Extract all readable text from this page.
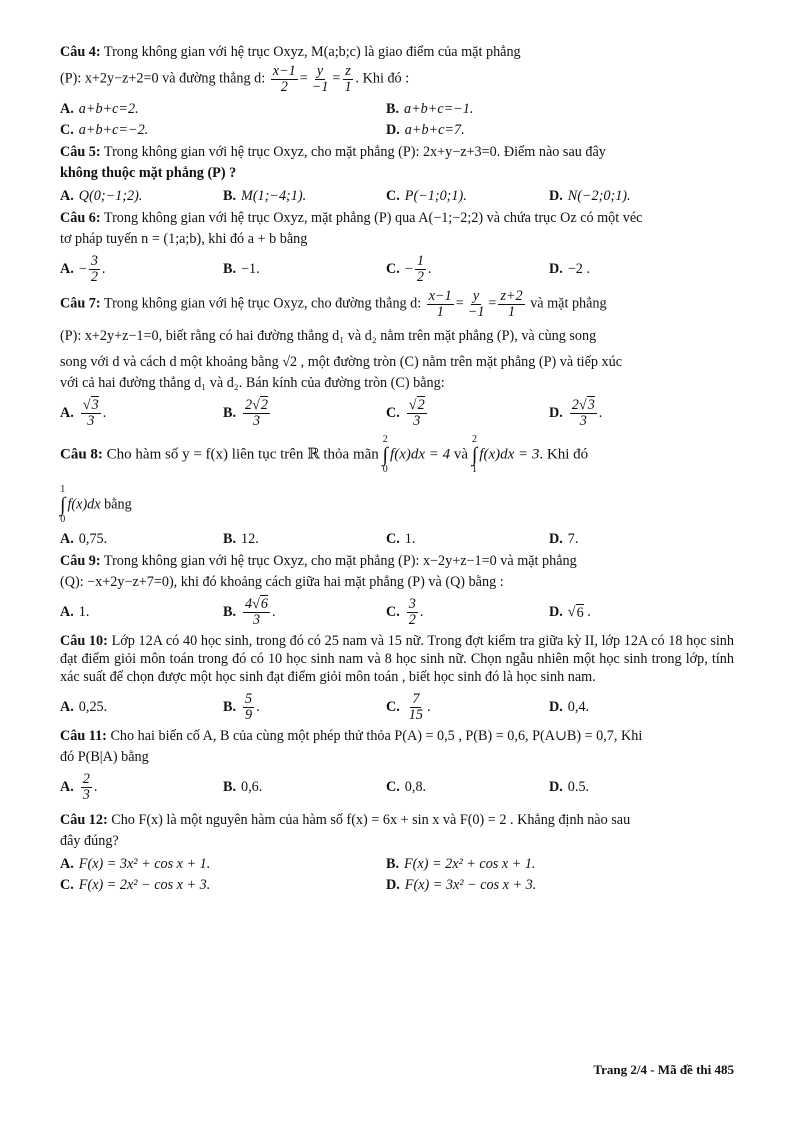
Câu 4: Trong không gian với hệ trục Oxyz, M(a;b;c) là giao điểm của mặt phẳng
(P): x+2y−z+2=0 và đường thẳng d: $\frac{x-1}{2} = \frac{y}{-1} = \frac{z}{1}$ . Khi đó :
A. a+b+c=2.	B. a+b+c=−1.
C. a+b+c=−2.	D. a+b+c=7.
Câu 5: Trong không gian với hệ trục Oxyz, cho mặt phẳng (P): 2x+y−z+3=0. Điểm nào sau đây
không thuộc mặt phẳng (P) ?
A. Q(0;−1;2).	B. M(1;−4;1).	C. P(−1;0;1).	D. N(−2;0;1).
Câu 6: Trong không gian với hệ trục Oxyz, mặt phẳng (P) qua A(−1;−2;2) và chứa trục Oz có một véc
tơ pháp tuyến n = (1;a;b), khi đó a + b bằng
A. − $\frac{3}{2}$ .	B. −1.	C. − $\frac{1}{2}$ .	D. −2 .
Câu 7: Trong không gian với hệ trục Oxyz, cho đường thẳng d: $\frac{x-1}{1} = \frac{y}{-1} = \frac{z+2}{1}$ và mặt phẳng
(P): x+2y+z−1=0, biết rằng có hai đường thẳng d₁ và d₂ nằm trên mặt phẳng (P), và cùng song
song với d và cách d một khoảng bằng √2 , một đường tròn (C) nằm trên mặt phẳng (P) và tiếp xúc
với cả hai đường thẳng d₁ và d₂. Bán kính của đường tròn (C) bằng:
A. $\frac{√3}{3}$ .	B. $\frac{2√2}{3}$	C. $\frac{√2}{3}$	D. $\frac{2√3}{3}$ .
Câu 8: Cho hàm số y = f(x) liên tục trên ℝ thỏa mãn
2
∫
0
f(x)dx = 4 và
2
∫
1
f(x)dx = 3. Khi đó
1
∫
0
f(x)dx bằng
A. 0,75.	B. 12.	C. 1.	D. 7.
Câu 9: Trong không gian với hệ trục Oxyz, cho mặt phẳng (P): x−2y+z−1=0 và mặt phẳng
(Q): −x+2y−z+7=0), khi đó khoảng cách giữa hai mặt phẳng (P) và (Q) bằng :
A. 1.	B. $\frac{4√6}{3}$ .	C. $\frac{3}{2}$ .	D. √ 6 .
Câu 10: Lớp 12A có 40 học sinh, trong đó có 25 nam và 15 nữ. Trong đợt kiểm tra giữa kỳ II, lớp 12A có 18 học sinh đạt điểm giỏi môn toán trong đó có 10 học sinh nam và 8 học sinh nữ. Chọn ngẫu nhiên một học sinh trong lớp, tính xác suất để chọn được một học sinh đạt điểm giỏi môn toán , biết học sinh đó là học sinh nam.
A. 0,25.	B. $\frac{5}{9}$ .	C. $\frac{7}{15}$ .	D. 0,4.
Câu 11: Cho hai biến cố A, B của cùng một phép thử thỏa P(A) = 0,5 , P(B) = 0,6, P(A∪B) = 0,7, Khi
đó P(B|A) bằng
A. $\frac{2}{3}$ .	B. 0,6.	C. 0,8.	D. 0.5.
Câu 12: Cho F(x) là một nguyên hàm của hàm số f(x) = 6x + sin x và F(0) = 2 . Khẳng định nào sau
đây đúng?
A. F(x) = 3x² + cos x + 1.	B. F(x) = 2x² + cos x + 1.
C. F(x) = 2x² − cos x + 3.	D. F(x) = 3x² − cos x + 3.
Trang 2/4 - Mã đề thi 485
